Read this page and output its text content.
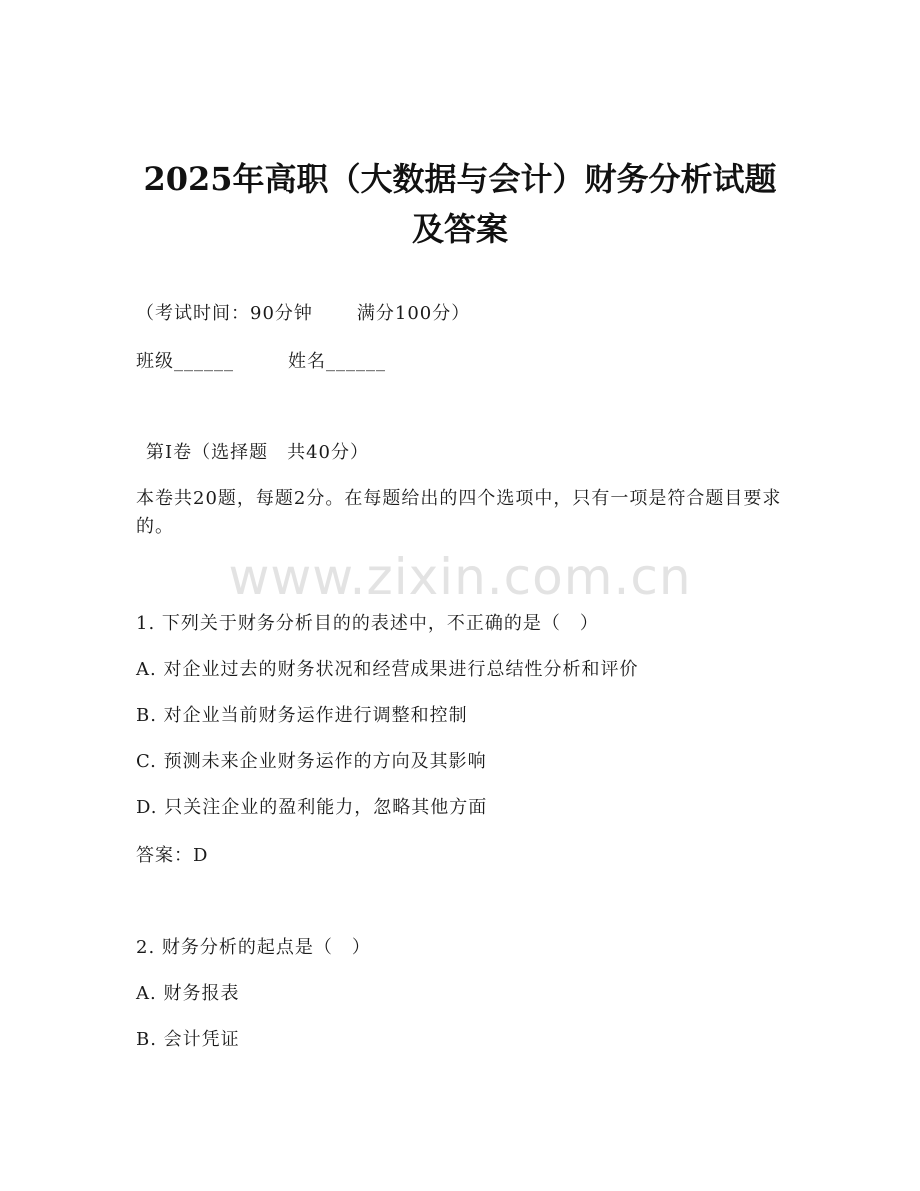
2025年高职（大数据与会计）财务分析试题
及答案
（考试时间：90分钟 满分100分）
班级______	姓名______
第Ⅰ卷（选择题　共40分）
本卷共20题，每题2分。在每题给出的四个选项中，只有一项是符合题目要求的。
www.zixin.com.cn
1. 下列关于财务分析目的的表述中，不正确的是（　）
A. 对企业过去的财务状况和经营成果进行总结性分析和评价
B. 对企业当前财务运作进行调整和控制
C. 预测未来企业财务运作的方向及其影响
D. 只关注企业的盈利能力，忽略其他方面
答案：D
2. 财务分析的起点是（　）
A. 财务报表
B. 会计凭证
